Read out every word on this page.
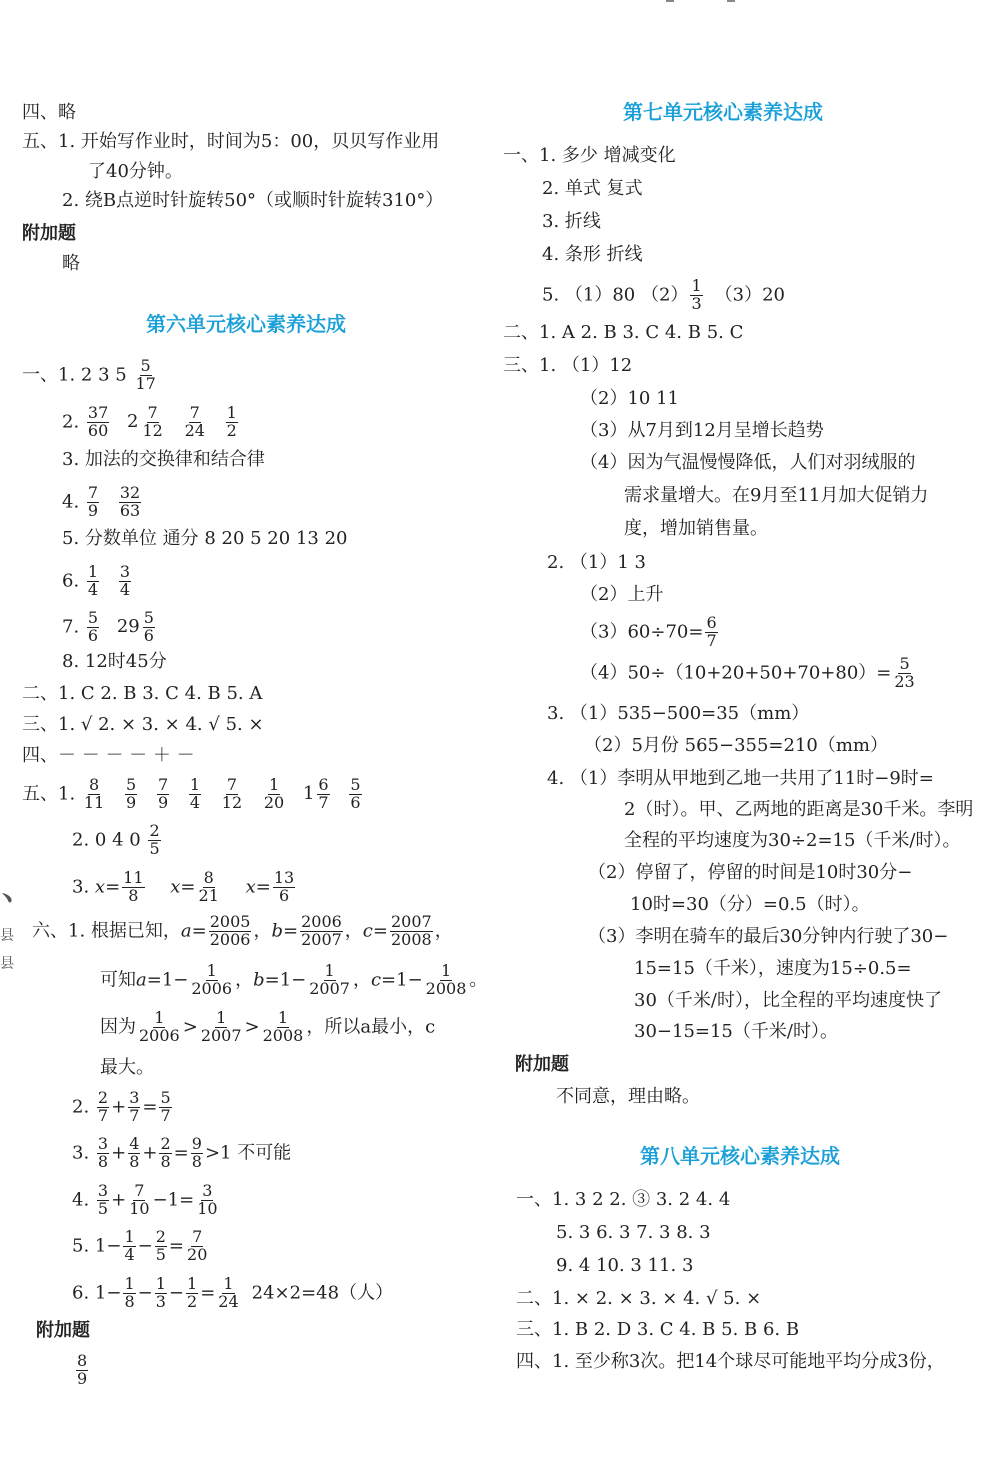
﹅
县
县
四、略
五、1. 开始写作业时，时间为5：00，贝贝写作业用
了40分钟。
2. 绕B点逆时针旋转50°（或顺时针旋转310°）
附加题
略
第六单元核心素养达成
一、1. 2 3 $5 \frac{5}{17}$
2. $\frac{37}{60}$
2 7
12
$\frac{7}{24}$
$\frac{1}{2}$
3. 加法的交换律和结合律
4. $\frac{7}{9}$
$\frac{32}{63}$
5. 分数单位 通分 8 20 5 20 13 20
6. $\frac{1}{4}$
$\frac{3}{4}$
7. $\frac{5}{6}$
29 5
6
8. 12时45分
二、1. C 2. B 3. C 4. B 5. A
三、1. √ 2. × 3. × 4. √ 5. ×
四、－ － － － ＋ －
五、1. $\frac{8}{11}$
$\frac{5}{9}$
$\frac{7}{9}$
$\frac{1}{4}$
$\frac{7}{12}$
$\frac{1}{20}$
1 6
7
$\frac{5}{6}$
2. 0 4 $0 \frac{2}{5}$
3. $x= \frac{11}{8} x= \frac{8}{21} x= \frac{13}{6}$
六、1. 根据已知，$a= \frac{2005}{2006}$ ，$b= \frac{2006}{2007}$ ，$c= \frac{2007}{2008}$ ，
可知$a=1- \frac{1}{2006}$ ，$b=1- \frac{1}{2007}$ ，$c=1- \frac{1}{2008}$ 。
因为 $\frac{1}{2006} > \frac{1}{2007} > \frac{1}{2008}$ ，所以a最小，c
最大。
2. $\frac{2}{7} + \frac{3}{7} = \frac{5}{7}$
3. $\frac{3}{8} + \frac{4}{8} + \frac{2}{8} = \frac{9}{8} >1$ 不可能
4. $\frac{3}{5} + \frac{7}{10} -1= \frac{3}{10}$
5. $1- \frac{1}{4} - \frac{2}{5} = \frac{7}{20}$
6. $1- \frac{1}{8} - \frac{1}{3} - \frac{1}{2} = \frac{1}{24} 24\times 2=48$（人）
附加题
$\frac{8}{9}$
第七单元核心素养达成
一、1. 多少 增减变化
2. 单式 复式
3. 折线
4. 条形 折线
5. （1）80 $(2) \frac{1}{3} (3)20$
二、1. A 2. B 3. C 4. B 5. C
三、1. （1）12
（2）10 11
（3）从7月到12月呈增长趋势
（4）因为气温慢慢降低，人们对羽绒服的
需求量增大。在9月至11月加大促销力
度，增加销售量。
2. （1）1 3
（2）上升
$(3)60\div 70= \frac{6}{7}$
$(4)50\div(10+20+50+70+80)= \frac{5}{23}$
3. （1）535−500=35（mm）
（2）5月份 565−355=210（mm）
4. （1）李明从甲地到乙地一共用了11时−9时=
2（时）。甲、乙两地的距离是30千米。李明
全程的平均速度为30÷2=15（千米/时）。
（2）停留了，停留的时间是10时30分−
10时=30（分）=0.5（时）。
（3）李明在骑车的最后30分钟内行驶了30−
15=15（千米），速度为15÷0.5=
30（千米/时），比全程的平均速度快了
30−15=15（千米/时）。
附加题
不同意，理由略。
第八单元核心素养达成
一、1. 3 2 2. ③ 3. 2 4. 4
5. 3 6. 3 7. 3 8. 3
9. 4 10. 3 11. 3
二、1. × 2. × 3. × 4. √ 5. ×
三、1. B 2. D 3. C 4. B 5. B 6. B
四、1. 至少称3次。把14个球尽可能地平均分成3份，
